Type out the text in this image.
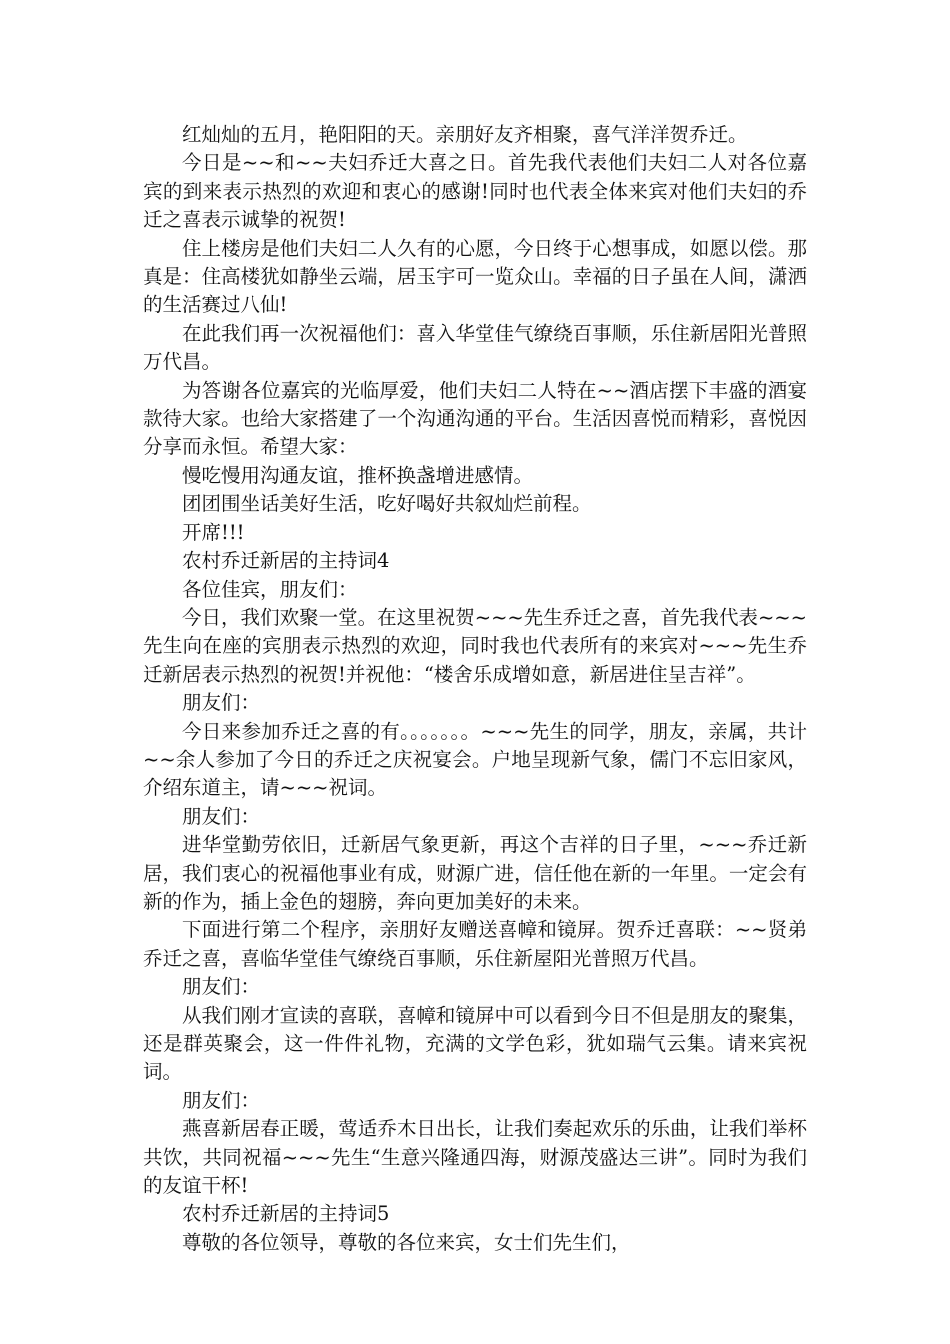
红灿灿的五月，艳阳阳的天。亲朋好友齐相聚，喜气洋洋贺乔迁。

今日是~~和~~夫妇乔迁大喜之日。首先我代表他们夫妇二人对各位嘉宾的到来表示热烈的欢迎和衷心的感谢!同时也代表全体来宾对他们夫妇的乔迁之喜表示诚挚的祝贺!

住上楼房是他们夫妇二人久有的心愿，今日终于心想事成，如愿以偿。那真是：住高楼犹如静坐云端，居玉宇可一览众山。幸福的日子虽在人间，潇洒的生活赛过八仙!

在此我们再一次祝福他们：喜入华堂佳气缭绕百事顺，乐住新居阳光普照万代昌。

为答谢各位嘉宾的光临厚爱，他们夫妇二人特在~~酒店摆下丰盛的酒宴款待大家。也给大家搭建了一个沟通沟通的平台。生活因喜悦而精彩，喜悦因分享而永恒。希望大家：

慢吃慢用沟通友谊，推杯换盏增进感情。

团团围坐话美好生活，吃好喝好共叙灿烂前程。

开席!!!

农村乔迁新居的主持词4

各位佳宾，朋友们：

今日，我们欢聚一堂。在这里祝贺~~~先生乔迁之喜，首先我代表~~~先生向在座的宾朋表示热烈的欢迎，同时我也代表所有的来宾对~~~先生乔迁新居表示热烈的祝贺!并祝他：“楼舍乐成增如意，新居进住呈吉祥”。

朋友们：

今日来参加乔迁之喜的有。。。。。。。~~~先生的同学，朋友，亲属，共计~~余人参加了今日的乔迁之庆祝宴会。户地呈现新气象，儒门不忘旧家风，介绍东道主，请~~~祝词。

朋友们：

进华堂勤劳依旧，迁新居气象更新，再这个吉祥的日子里，~~~乔迁新居，我们衷心的祝福他事业有成，财源广进，信任他在新的一年里。一定会有新的作为，插上金色的翅膀，奔向更加美好的未来。

下面进行第二个程序，亲朋好友赠送喜幛和镜屏。贺乔迁喜联：~~贤弟乔迁之喜，喜临华堂佳气缭绕百事顺，乐住新屋阳光普照万代昌。

朋友们：

从我们刚才宣读的喜联，喜幛和镜屏中可以看到今日不但是朋友的聚集，还是群英聚会，这一件件礼物，充满的文学色彩，犹如瑞气云集。请来宾祝词。

朋友们：

燕喜新居春正暖，莺适乔木日出长，让我们奏起欢乐的乐曲，让我们举杯共饮，共同祝福~~~先生“生意兴隆通四海，财源茂盛达三讲”。同时为我们的友谊干杯!

农村乔迁新居的主持词5

尊敬的各位领导，尊敬的各位来宾，女士们先生们，
